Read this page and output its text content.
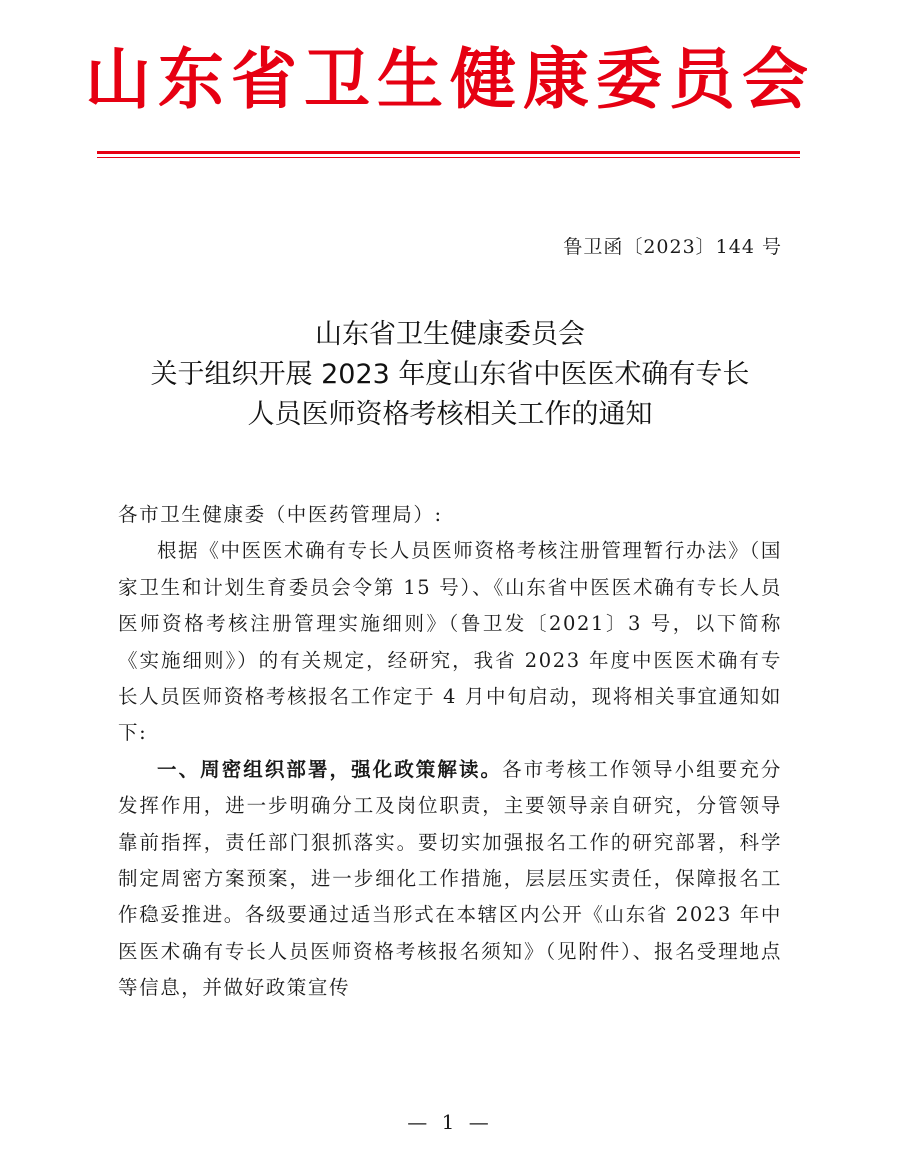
山东省卫生健康委员会
鲁卫函〔2023〕144 号
山东省卫生健康委员会
关于组织开展 2023 年度山东省中医医术确有专长
人员医师资格考核相关工作的通知

各市卫生健康委（中医药管理局）:

根据《中医医术确有专长人员医师资格考核注册管理暂行办法》（国家卫生和计划生育委员会令第 15 号）、《山东省中医医术确有专长人员医师资格考核注册管理实施细则》（鲁卫发〔2021〕3 号，以下简称《实施细则》）的有关规定，经研究，我省 2023 年度中医医术确有专长人员医师资格考核报名工作定于 4 月中旬启动，现将相关事宜通知如下:

一、周密组织部署，强化政策解读。各市考核工作领导小组要充分发挥作用，进一步明确分工及岗位职责，主要领导亲自研究，分管领导靠前指挥，责任部门狠抓落实。要切实加强报名工作的研究部署，科学制定周密方案预案，进一步细化工作措施，层层压实责任，保障报名工作稳妥推进。各级要通过适当形式在本辖区内公开《山东省 2023 年中医医术确有专长人员医师资格考核报名须知》（见附件）、报名受理地点等信息，并做好政策宣传

— 1 —
